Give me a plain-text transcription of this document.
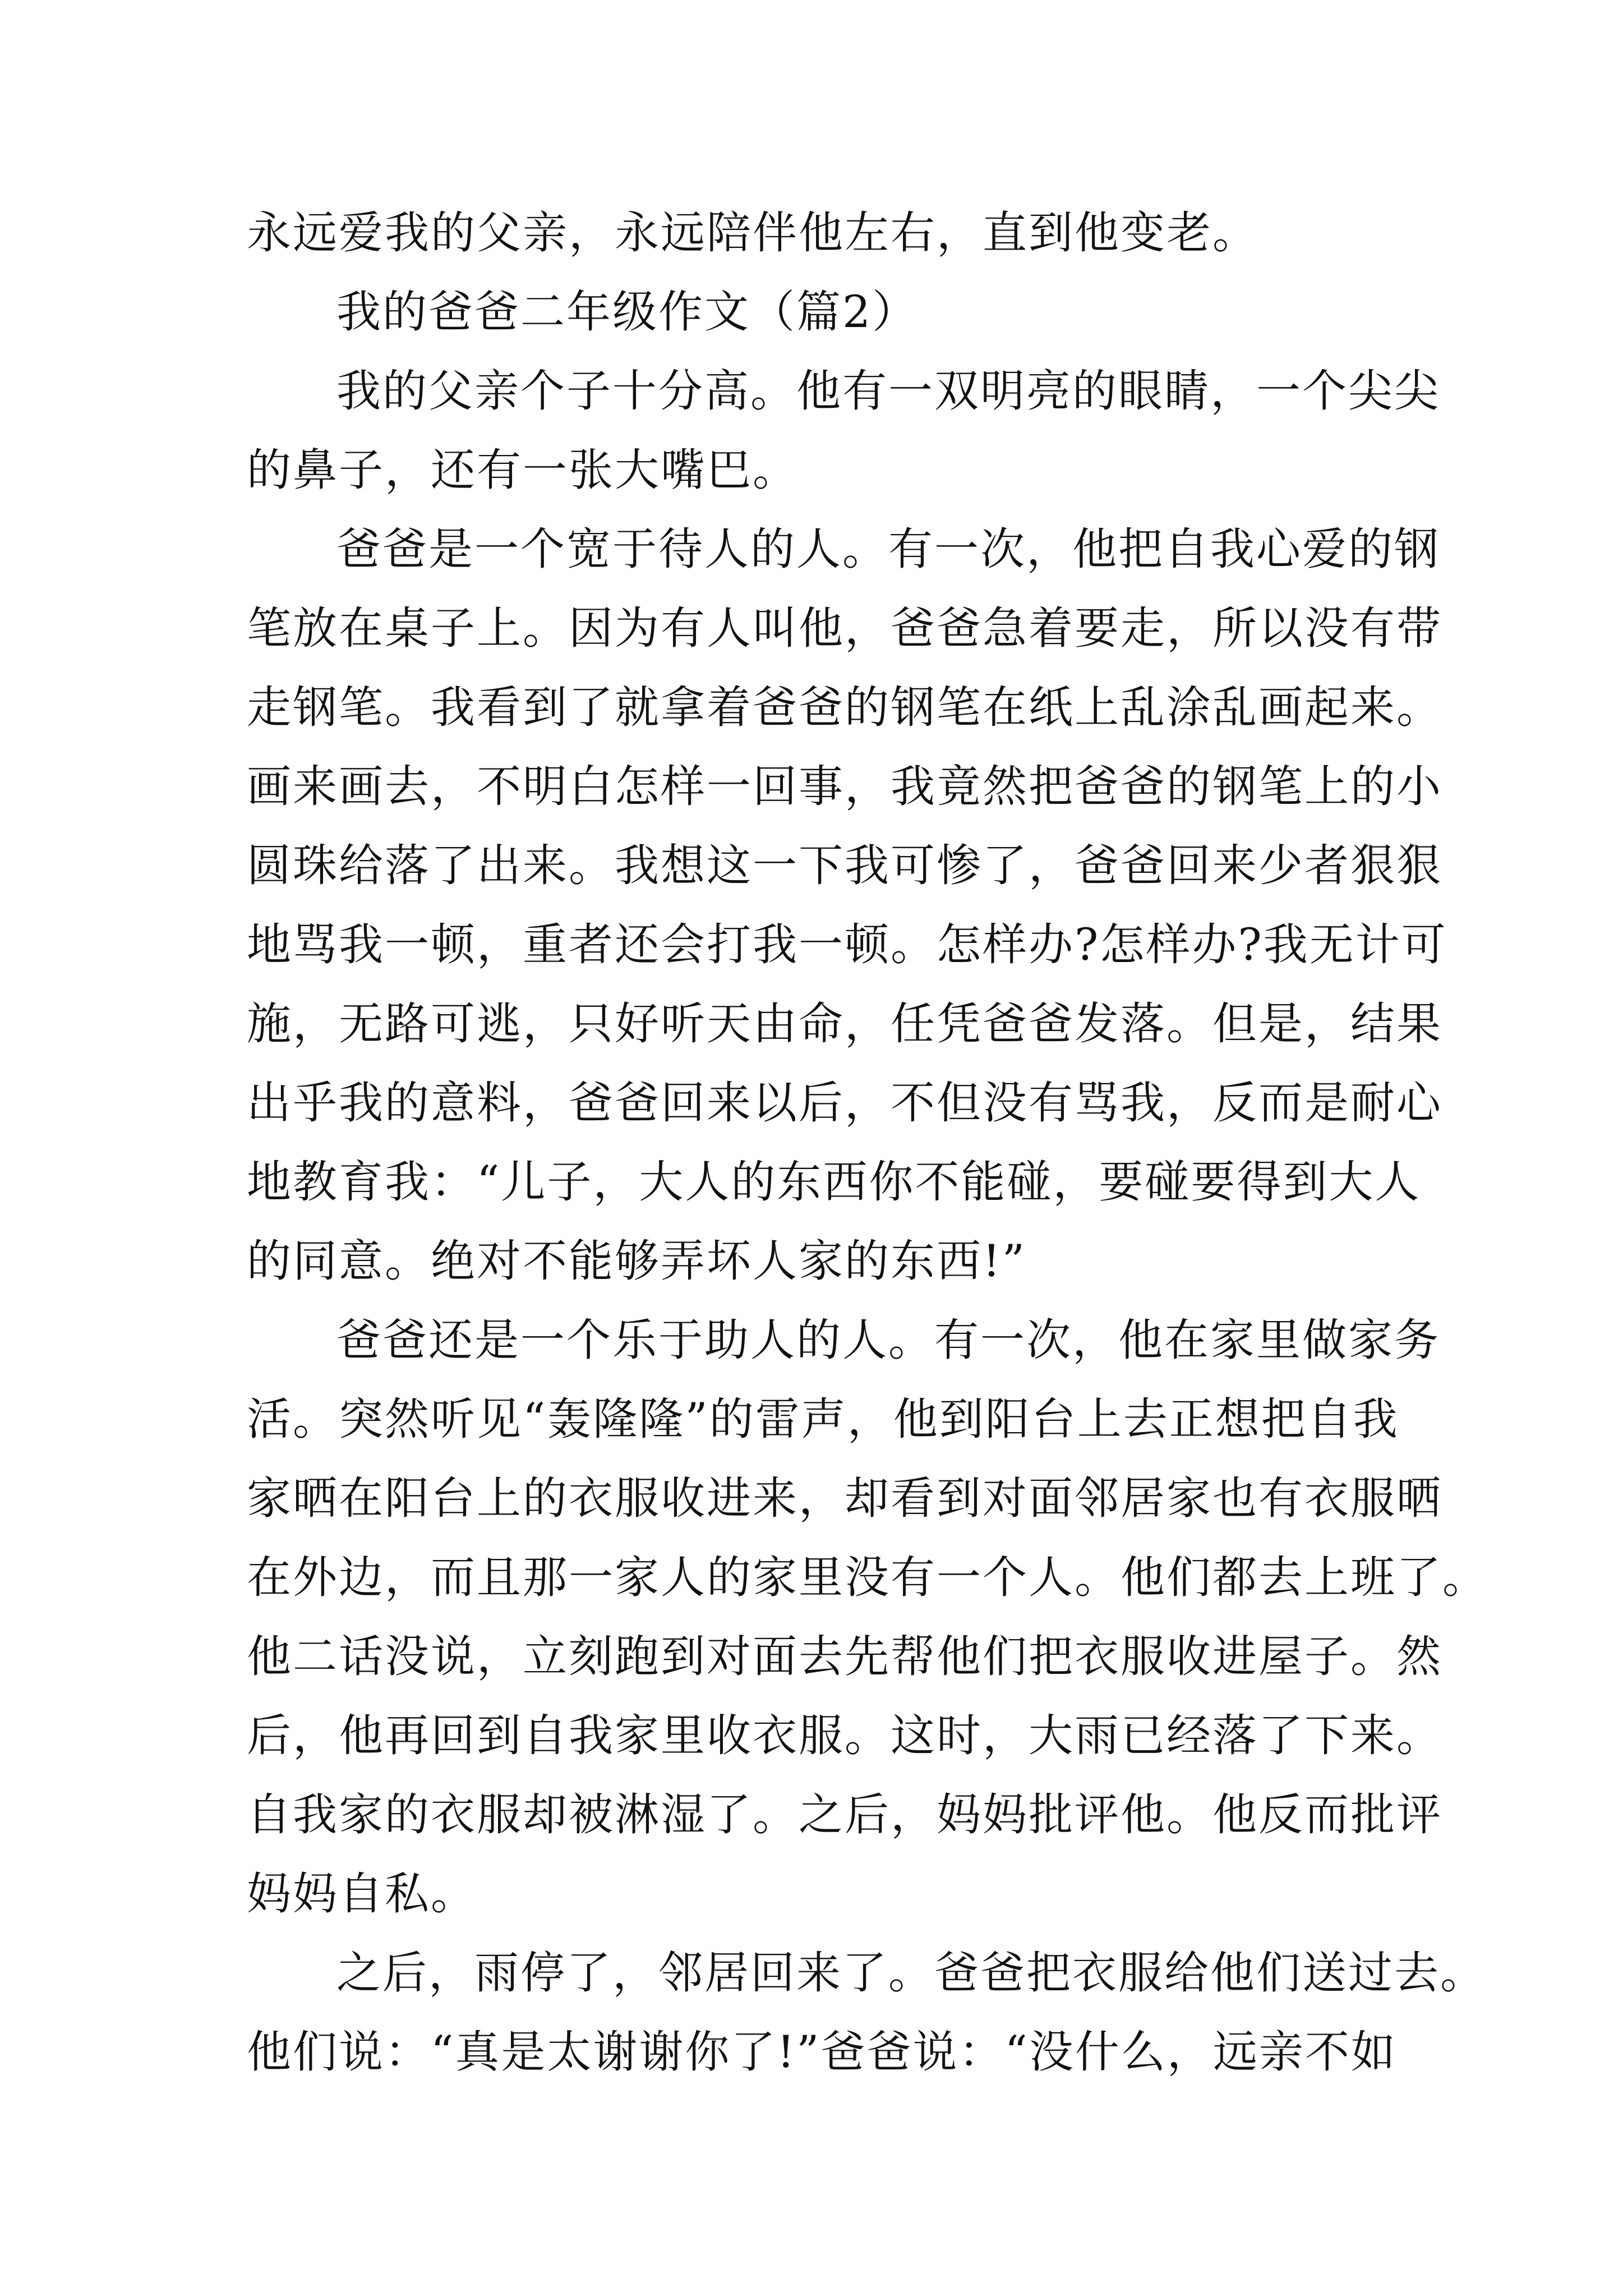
永远爱我的父亲，永远陪伴他左右，直到他变老。
我的爸爸二年级作文（篇2）
我的父亲个子十分高。他有一双明亮的眼睛，一个尖尖
的鼻子，还有一张大嘴巴。
爸爸是一个宽于待人的人。有一次，他把自我心爱的钢
笔放在桌子上。因为有人叫他，爸爸急着要走，所以没有带
走钢笔。我看到了就拿着爸爸的钢笔在纸上乱涂乱画起来。
画来画去，不明白怎样一回事，我竟然把爸爸的钢笔上的小
圆珠给落了出来。我想这一下我可惨了，爸爸回来少者狠狠
地骂我一顿，重者还会打我一顿。怎样办?怎样办?我无计可
施，无路可逃，只好听天由命，任凭爸爸发落。但是，结果
出乎我的意料，爸爸回来以后，不但没有骂我，反而是耐心
地教育我：“儿子，大人的东西你不能碰，要碰要得到大人
的同意。绝对不能够弄坏人家的东西!”
爸爸还是一个乐于助人的人。有一次，他在家里做家务
活。突然听见“轰隆隆”的雷声，他到阳台上去正想把自我
家晒在阳台上的衣服收进来，却看到对面邻居家也有衣服晒
在外边，而且那一家人的家里没有一个人。他们都去上班了。
他二话没说，立刻跑到对面去先帮他们把衣服收进屋子。然
后，他再回到自我家里收衣服。这时，大雨已经落了下来。
自我家的衣服却被淋湿了。之后，妈妈批评他。他反而批评
妈妈自私。
之后，雨停了，邻居回来了。爸爸把衣服给他们送过去。
他们说：“真是太谢谢你了!”爸爸说：“没什么，远亲不如
